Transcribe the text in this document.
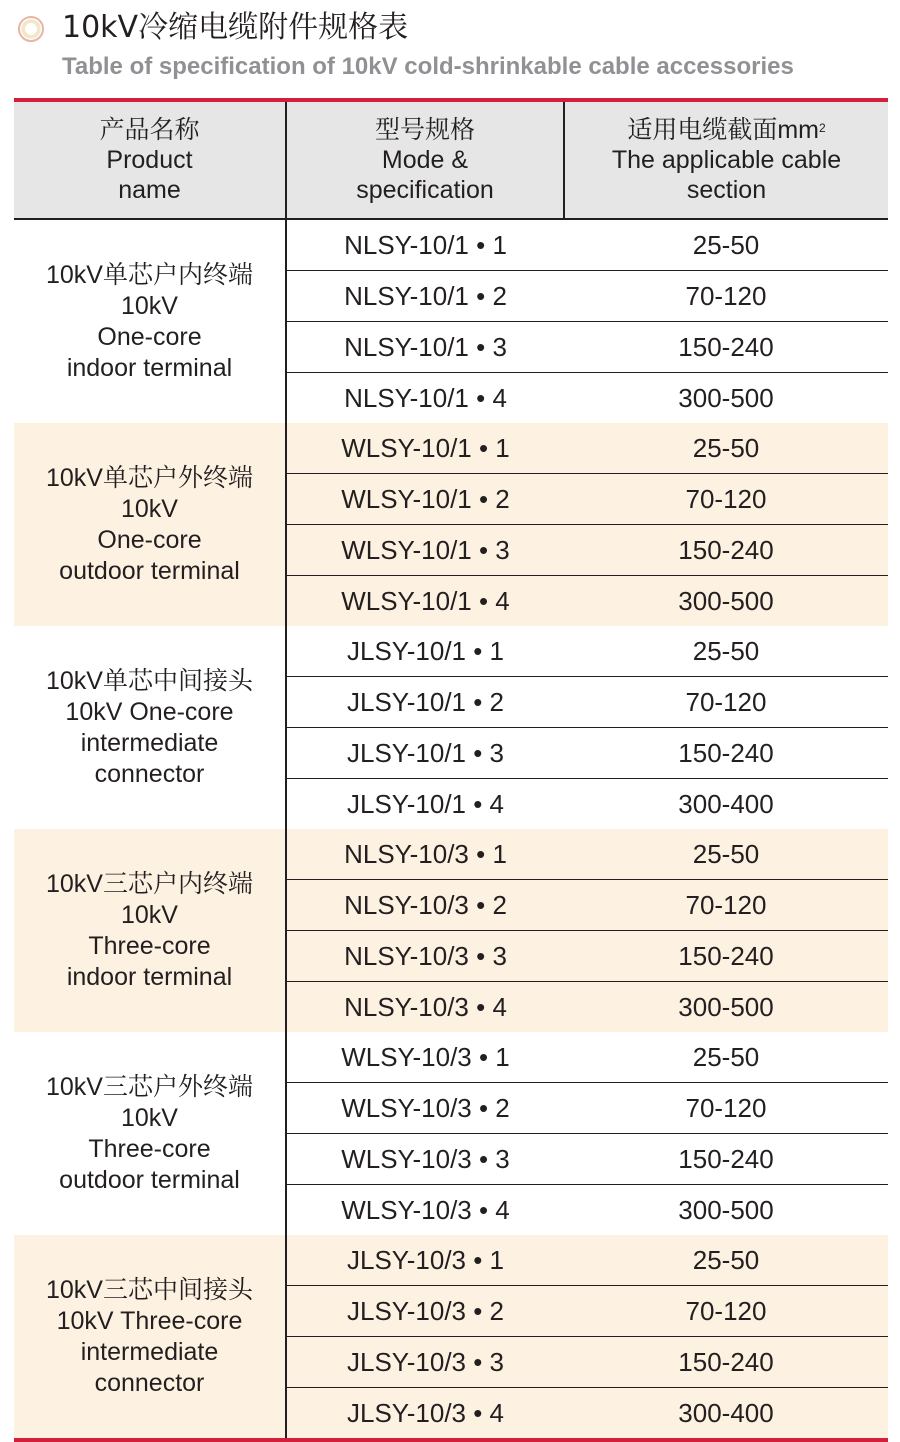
10kV冷缩电缆附件规格表
Table of specification of 10kV cold-shrinkable cable accessories
产品名称
Product
name	型号规格
Mode &
specification	适用电缆截面$mm^2$
The applicable cable
section

10kV单芯户内终端
10kV
One-core
indoor terminal	NLSY-10/1 • 1	25-50
	NLSY-10/1 • 2	70-120
	NLSY-10/1 • 3	150-240
	NLSY-10/1 • 4	300-500

10kV单芯户外终端
10kV
One-core
outdoor terminal	WLSY-10/1 • 1	25-50
	WLSY-10/1 • 2	70-120
	WLSY-10/1 • 3	150-240
	WLSY-10/1 • 4	300-500

10kV单芯中间接头
10kV One-core
intermediate
connector	JLSY-10/1 • 1	25-50
	JLSY-10/1 • 2	70-120
	JLSY-10/1 • 3	150-240
	JLSY-10/1 • 4	300-400

10kV三芯户内终端
10kV
Three-core
indoor terminal	NLSY-10/3 • 1	25-50
	NLSY-10/3 • 2	70-120
	NLSY-10/3 • 3	150-240
	NLSY-10/3 • 4	300-500

10kV三芯户外终端
10kV
Three-core
outdoor terminal	WLSY-10/3 • 1	25-50
	WLSY-10/3 • 2	70-120
	WLSY-10/3 • 3	150-240
	WLSY-10/3 • 4	300-500

10kV三芯中间接头
10kV Three-core
intermediate
connector	JLSY-10/3 • 1	25-50
	JLSY-10/3 • 2	70-120
	JLSY-10/3 • 3	150-240
	JLSY-10/3 • 4	300-400
